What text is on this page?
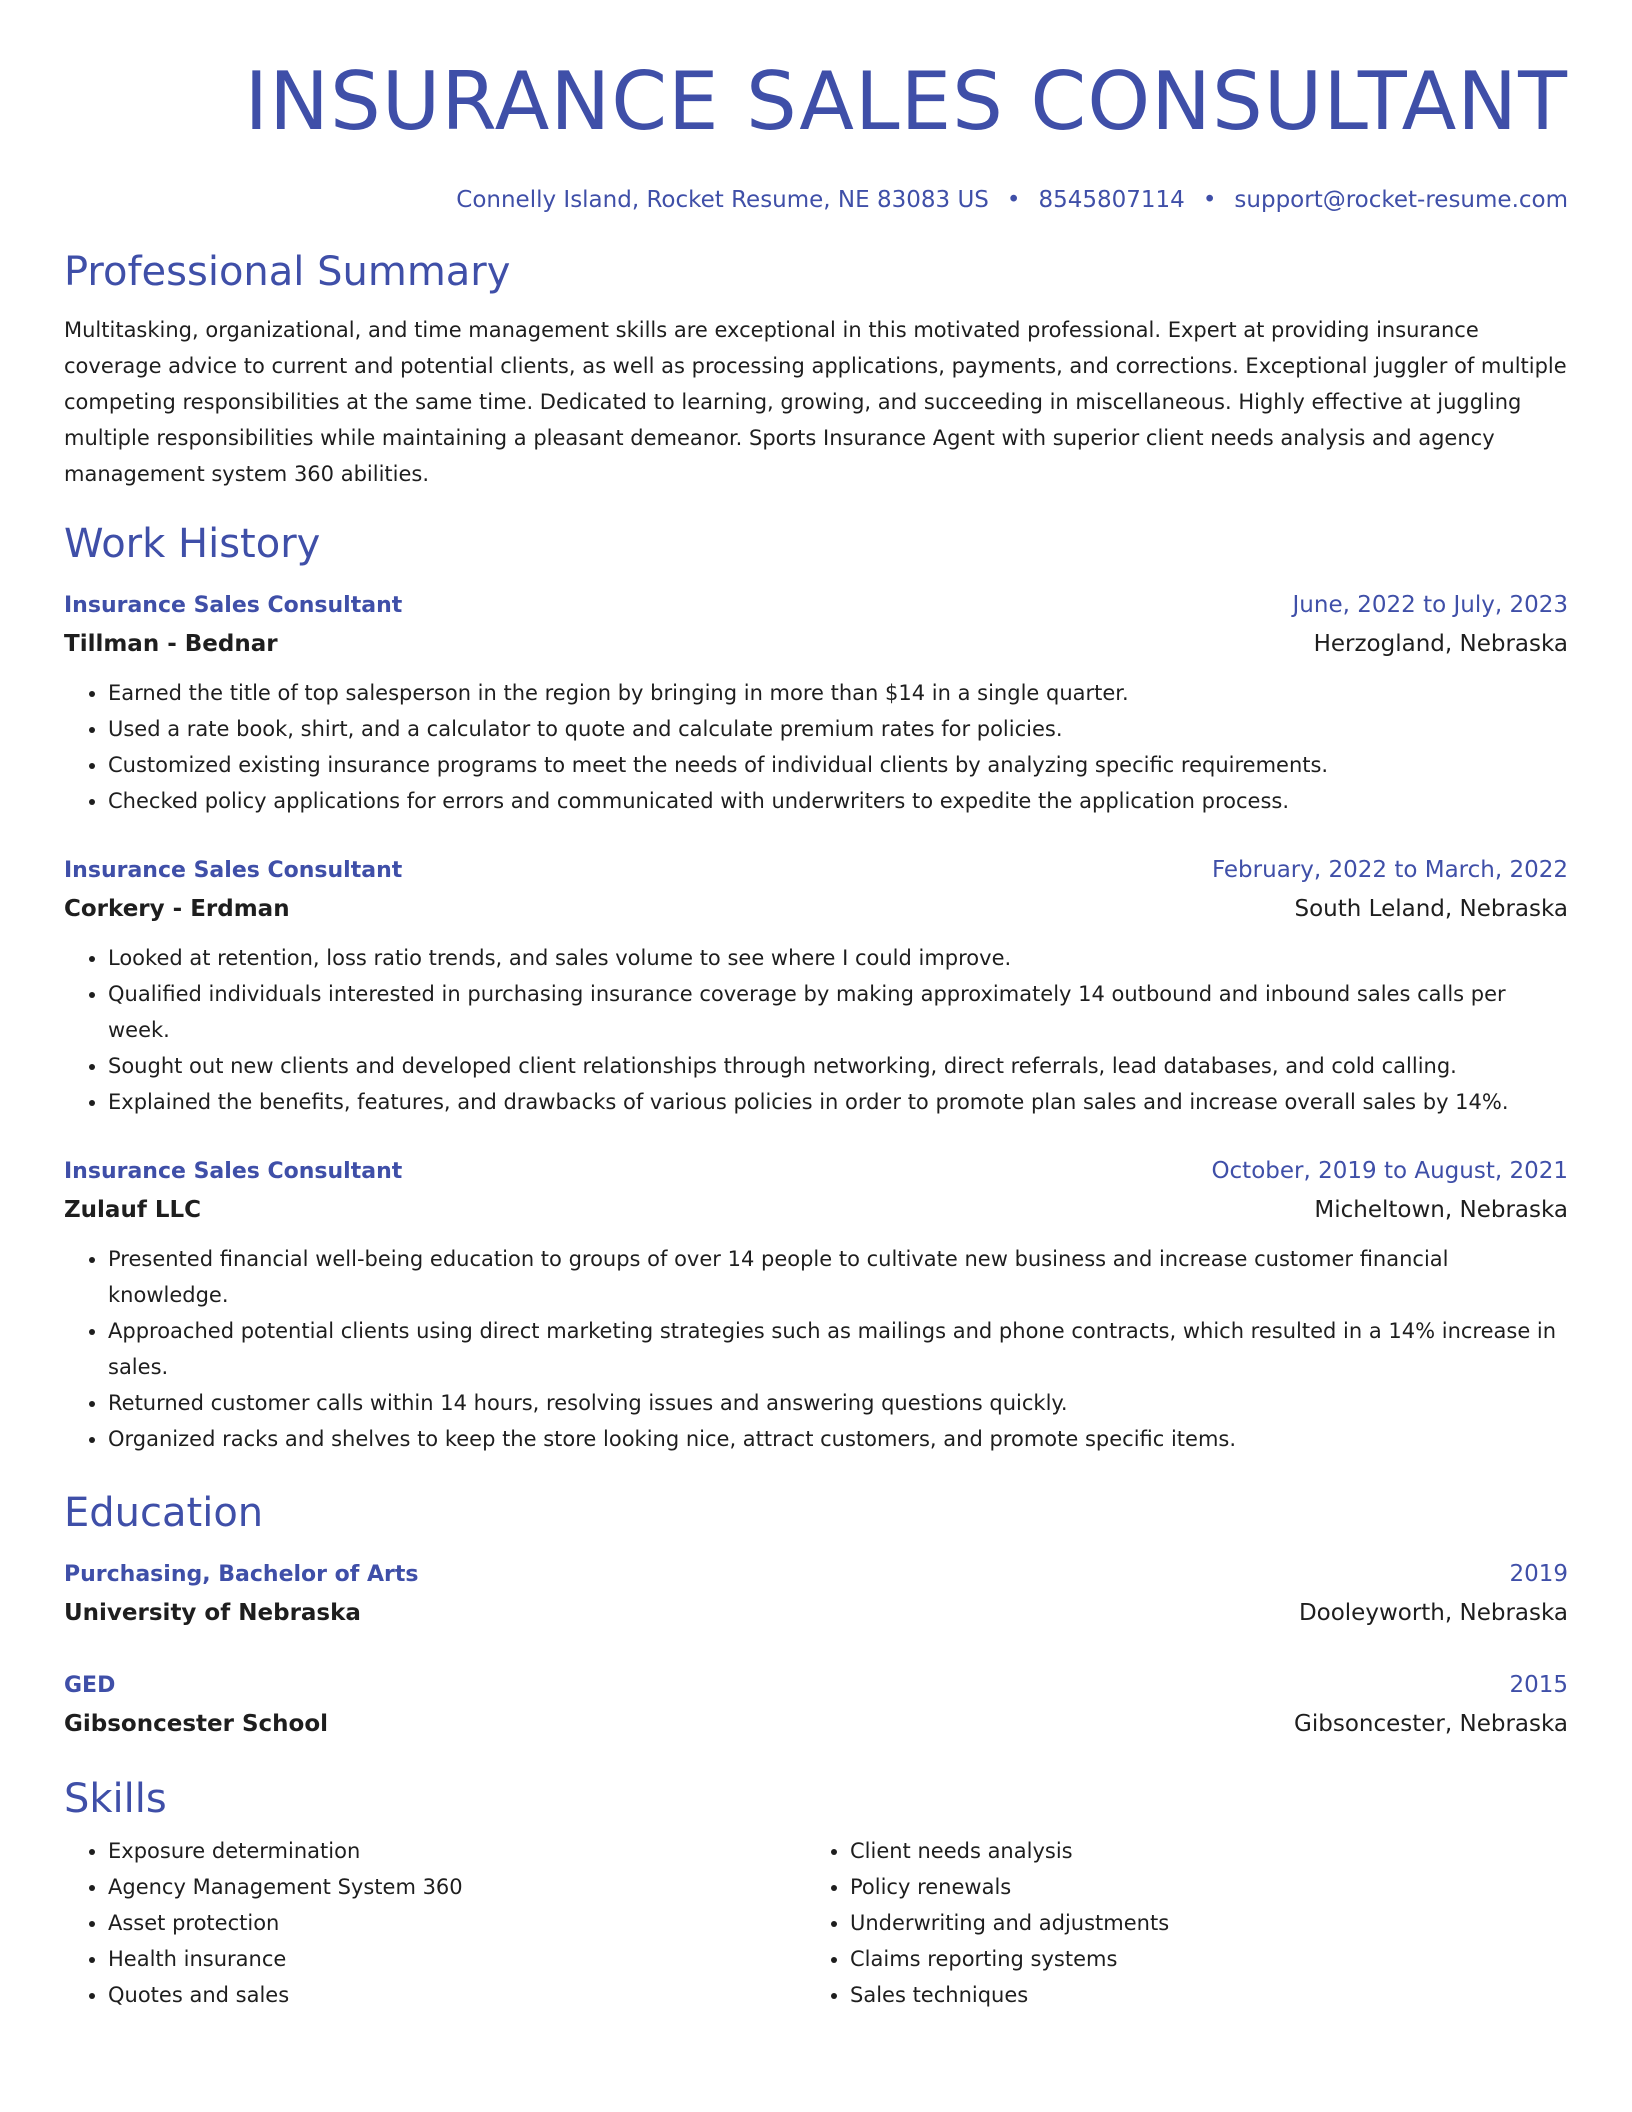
INSURANCE SALES CONSULTANT
Connelly Island, Rocket Resume, NE 83083 US • 8545807114 • support@rocket-resume.com
Professional Summary
Multitasking, organizational, and time management skills are exceptional in this motivated professional. Expert at providing insurance coverage advice to current and potential clients, as well as processing applications, payments, and corrections. Exceptional juggler of multiple competing responsibilities at the same time. Dedicated to learning, growing, and succeeding in miscellaneous. Highly effective at juggling multiple responsibilities while maintaining a pleasant demeanor. Sports Insurance Agent with superior client needs analysis and agency management system 360 abilities.
Work History
Insurance Sales Consultant	June, 2022 to July, 2023
Tillman - Bednar	Herzogland, Nebraska
• Earned the title of top salesperson in the region by bringing in more than $14 in a single quarter.
• Used a rate book, shirt, and a calculator to quote and calculate premium rates for policies.
• Customized existing insurance programs to meet the needs of individual clients by analyzing specific requirements.
• Checked policy applications for errors and communicated with underwriters to expedite the application process.
Insurance Sales Consultant	February, 2022 to March, 2022
Corkery - Erdman	South Leland, Nebraska
• Looked at retention, loss ratio trends, and sales volume to see where I could improve.
• Qualified individuals interested in purchasing insurance coverage by making approximately 14 outbound and inbound sales calls per week.
• Sought out new clients and developed client relationships through networking, direct referrals, lead databases, and cold calling.
• Explained the benefits, features, and drawbacks of various policies in order to promote plan sales and increase overall sales by 14%.
Insurance Sales Consultant	October, 2019 to August, 2021
Zulauf LLC	Micheltown, Nebraska
• Presented financial well-being education to groups of over 14 people to cultivate new business and increase customer financial knowledge.
• Approached potential clients using direct marketing strategies such as mailings and phone contracts, which resulted in a 14% increase in sales.
• Returned customer calls within 14 hours, resolving issues and answering questions quickly.
• Organized racks and shelves to keep the store looking nice, attract customers, and promote specific items.
Education
Purchasing, Bachelor of Arts	2019
University of Nebraska	Dooleyworth, Nebraska
GED	2015
Gibsoncester School	Gibsoncester, Nebraska
Skills
• Exposure determination
• Agency Management System 360
• Asset protection
• Health insurance
• Quotes and sales
• Client needs analysis
• Policy renewals
• Underwriting and adjustments
• Claims reporting systems
• Sales techniques
